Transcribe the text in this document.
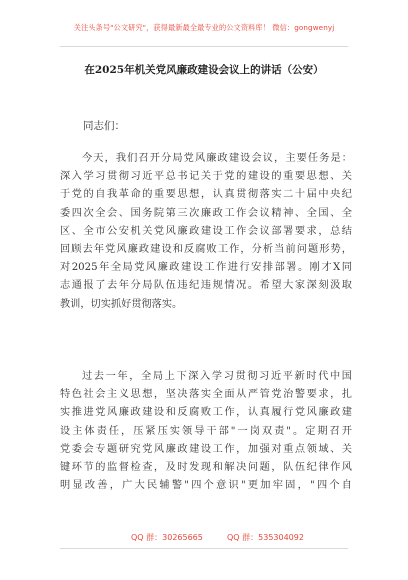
关注头条号"公文研究"，获得最新最全最专业的公文资料库！ 微信：gongwenyj
在2025年机关党风廉政建设会议上的讲话（公安）
同志们：
今天，我们召开分局党风廉政建设会议，主要任务是：
深入学习贯彻习近平总书记关于党的建设的重要思想、关
于党的自我革命的重要思想，认真贯彻落实二十届中央纪
委四次全会、国务院第三次廉政工作会议精神、全国、全
区、全市公安机关党风廉政建设工作会议部署要求，总结
回顾去年党风廉政建设和反腐败工作，分析当前问题形势，
对2025年全局党风廉政建设工作进行安排部署。刚才X同
志通报了去年分局队伍违纪违规情况。希望大家深刻汲取
教训，切实抓好贯彻落实。
过去一年，全局上下深入学习贯彻习近平新时代中国
特色社会主义思想，坚决落实全面从严管党治警要求，扎
实推进党风廉政建设和反腐败工作，认真履行党风廉政建
设主体责任，压紧压实领导干部"一岗双责"。定期召开
党委会专题研究党风廉政建设工作，加强对重点领域、关
键环节的监督检查，及时发现和解决问题，队伍纪律作风
明显改善，广大民辅警"四个意识"更加牢固，"四个自
QQ 群：30265665	QQ 群：535304092
